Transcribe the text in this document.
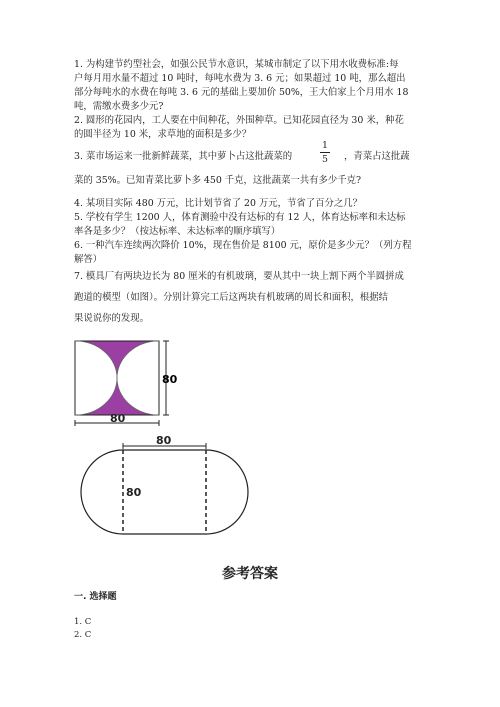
1. 为构建节约型社会，如强公民节水意识，某城市制定了以下用水收费标准:每
户每月用水量不超过 10 吨时，每吨水费为 3. 6 元；如果超过 10 吨，那么超出
部分每吨水的水费在每吨 3. 6 元的基础上要加价 50%，王大伯家上个月用水 18
吨，需缴水费多少元?
2. 圆形的花园内，工人要在中间种花，外围种草。已知花园直径为 30 米，种花
的圆半径为 10 米，求草地的面积是多少？
3. 菜市场运来一批新鲜蔬菜，其中萝卜占这批蔬菜的
1
5 ，青菜占这批蔬
菜的 35%。已知青菜比萝卜多 450 千克，这批蔬菜一共有多少千克?
4. 某项目实际 480 万元，比计划节省了 20 万元，节省了百分之几？
5. 学校有学生 1200 人，体育测验中没有达标的有 12 人，体育达标率和未达标
率各是多少？（按达标率、未达标率的顺序填写）
6. 一种汽车连续两次降价 10%，现在售价是 8100 元，原价是多少元？（列方程
解答）
7. 模具厂有两块边长为 80 厘米的有机玻璃，要从其中一块上割下两个半圆拼成
跑道的模型（如图）。分别计算完工后这两块有机玻璃的周长和面积，根据结
果说说你的发现。
80
80
80
80
参考答案
一. 选择题
1. C
2. C
